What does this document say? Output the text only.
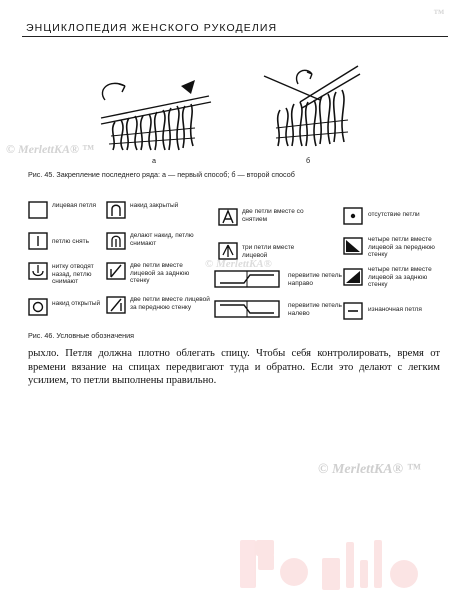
ЭНЦИКЛОПЕДИЯ ЖЕНСКОГО РУКОДЕЛИЯ
™
а	б
© MerlettKA® ™
Рис. 45. Закрепление последнего ряда: а — первый способ; б — второй способ
лицевая петля
петлю снять
нитку отводят назад, петлю снимают
накид открытый
накид закрытый
делают накид, петлю снимают
две петли вместе лицевой за заднюю стенку
две петли вместе лицевой за переднюю стенку
две петли вместе со снятием
три петли вместе лицевой
перевитие петель направо
перевитие петель налево
отсутствие петли
четыре петли вместе лицевой за переднюю стенку
четыре петли вместе лицевой за заднюю стенку
изнаночная петля
© MerlettKA®
Рис. 46. Условные обозначения
рыхло. Петля должна плотно облегать спицу. Чтобы себя контролировать, время от времени вязание на спицах передвигают туда и обратно. Если это делают с легким усилием, то петли выполнены правильно.
© MerlettKA® ™
